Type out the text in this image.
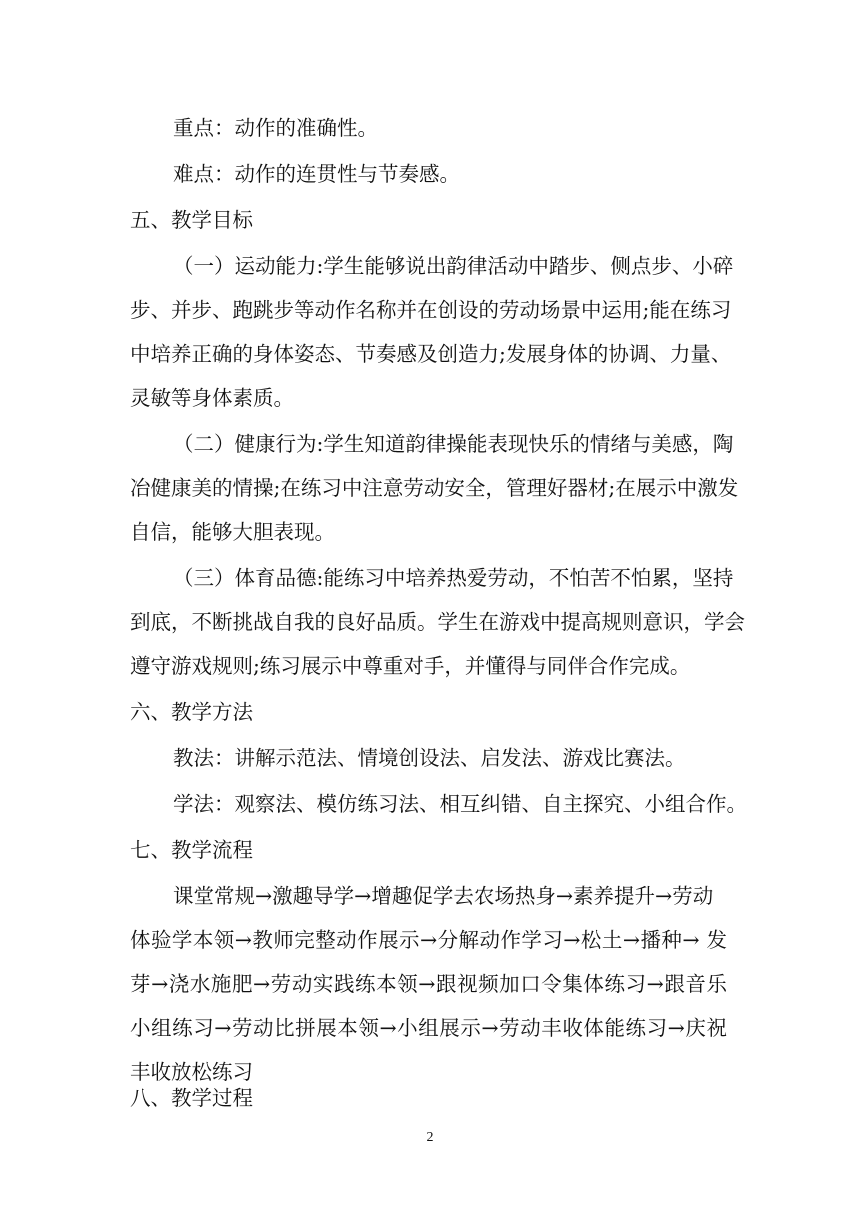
重点：动作的准确性。
难点：动作的连贯性与节奏感。
五、教学目标
（一）运动能力:学生能够说出韵律活动中踏步、侧点步、小碎
步、并步、跑跳步等动作名称并在创设的劳动场景中运用;能在练习
中培养正确的身体姿态、节奏感及创造力;发展身体的协调、力量、
灵敏等身体素质。
（二）健康行为:学生知道韵律操能表现快乐的情绪与美感，陶
冶健康美的情操;在练习中注意劳动安全，管理好器材;在展示中激发
自信，能够大胆表现。
（三）体育品德:能练习中培养热爱劳动，不怕苦不怕累，坚持
到底，不断挑战自我的良好品质。学生在游戏中提高规则意识，学会
遵守游戏规则;练习展示中尊重对手，并懂得与同伴合作完成。
六、教学方法
教法：讲解示范法、情境创设法、启发法、游戏比赛法。
学法：观察法、模仿练习法、相互纠错、自主探究、小组合作。
七、教学流程
课堂常规→激趣导学→增趣促学去农场热身→素养提升→劳动
体验学本领→教师完整动作展示→分解动作学习→松土→播种→ 发
芽→浇水施肥→劳动实践练本领→跟视频加口令集体练习→跟音乐
小组练习→劳动比拼展本领→小组展示→劳动丰收体能练习→庆祝
丰收放松练习
八、教学过程
2
